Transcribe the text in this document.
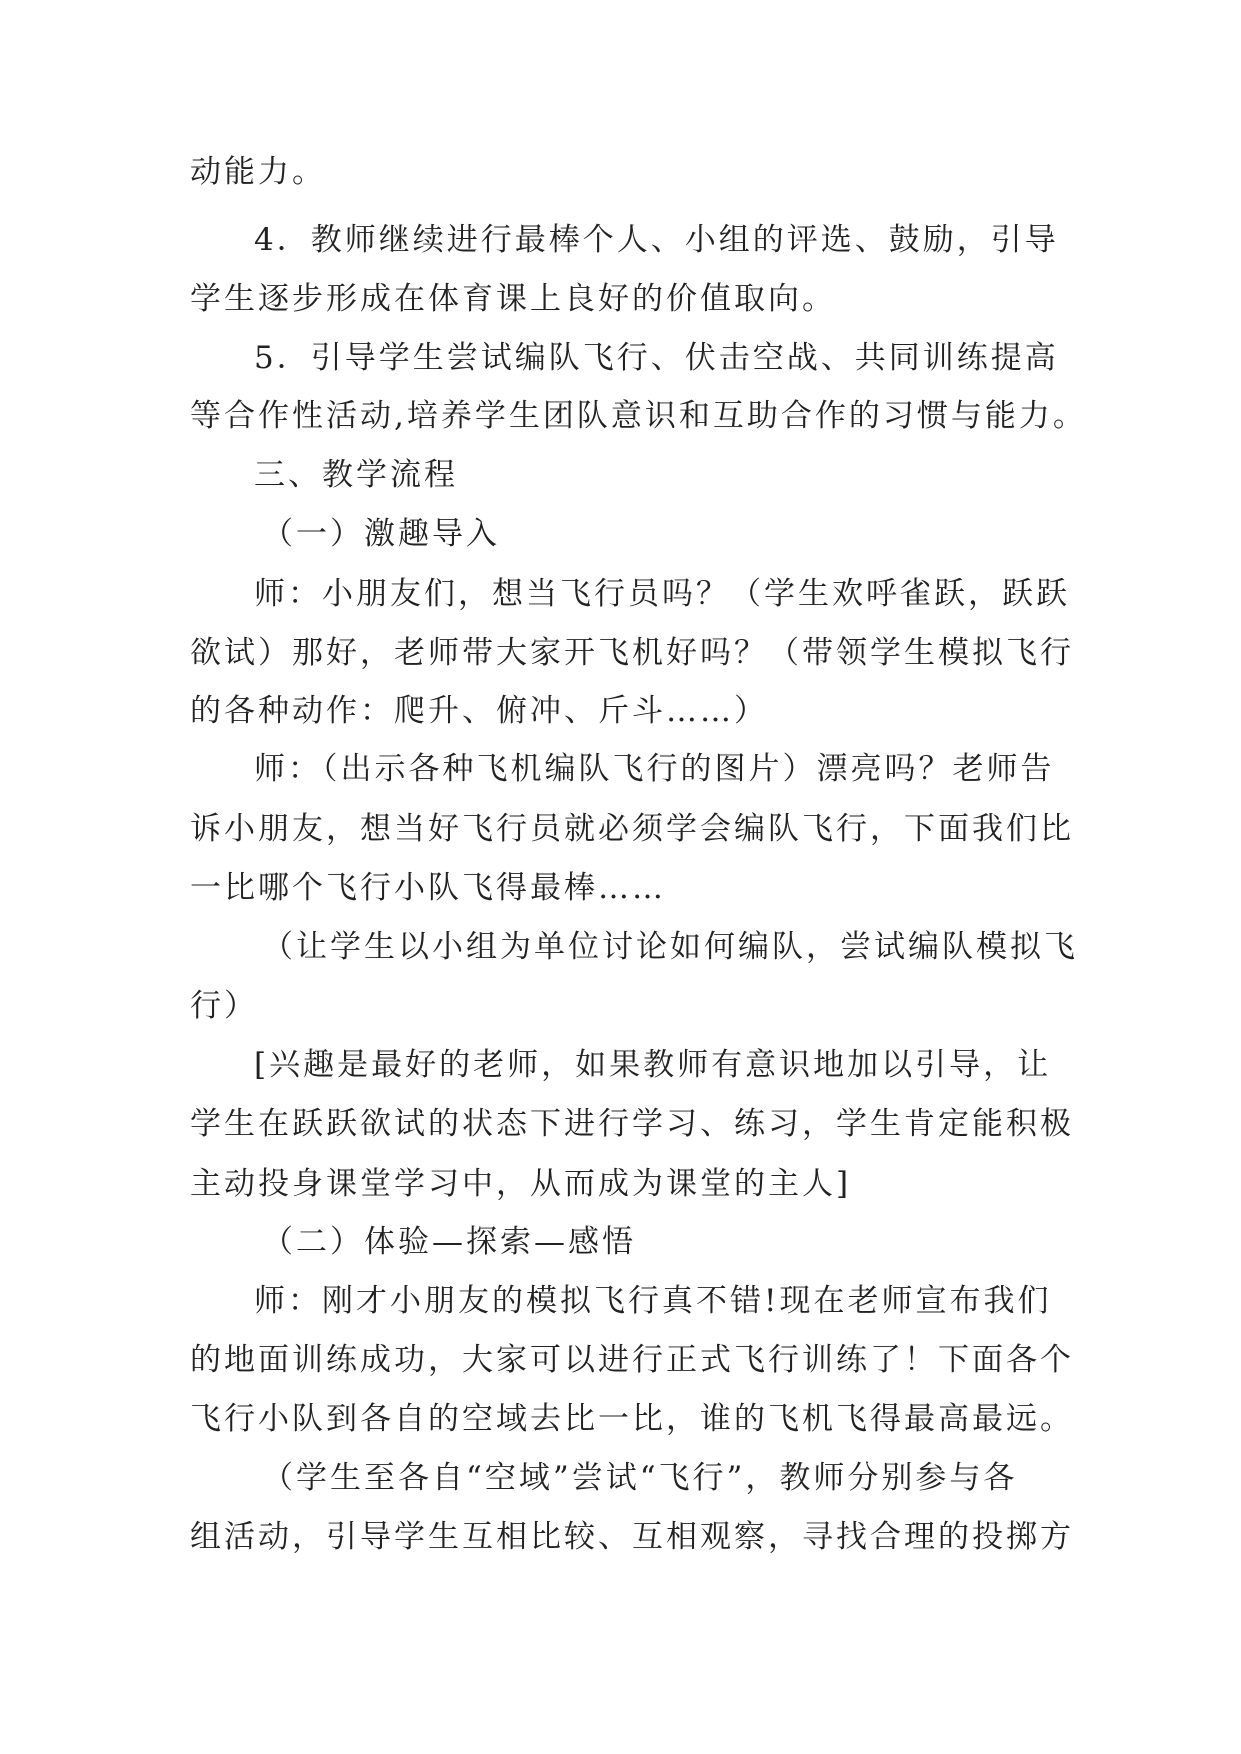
动能力。
4．教师继续进行最棒个人、小组的评选、鼓励，引导
学生逐步形成在体育课上良好的价值取向。
5．引导学生尝试编队飞行、伏击空战、共同训练提高
等合作性活动,培养学生团队意识和互助合作的习惯与能力。
三、教学流程
（一）激趣导入
师：小朋友们，想当飞行员吗？（学生欢呼雀跃，跃跃
欲试）那好，老师带大家开飞机好吗？（带领学生模拟飞行
的各种动作：爬升、俯冲、斤斗……）
师：（出示各种飞机编队飞行的图片）漂亮吗？老师告
诉小朋友，想当好飞行员就必须学会编队飞行，下面我们比
一比哪个飞行小队飞得最棒……
（让学生以小组为单位讨论如何编队，尝试编队模拟飞
行）
[兴趣是最好的老师，如果教师有意识地加以引导，让
学生在跃跃欲试的状态下进行学习、练习，学生肯定能积极
主动投身课堂学习中，从而成为课堂的主人]
（二）体验—探索—感悟
师：刚才小朋友的模拟飞行真不错!现在老师宣布我们
的地面训练成功，大家可以进行正式飞行训练了！下面各个
飞行小队到各自的空域去比一比，谁的飞机飞得最高最远。
（学生至各自“空域”尝试“飞行”，教师分别参与各
组活动，引导学生互相比较、互相观察，寻找合理的投掷方
